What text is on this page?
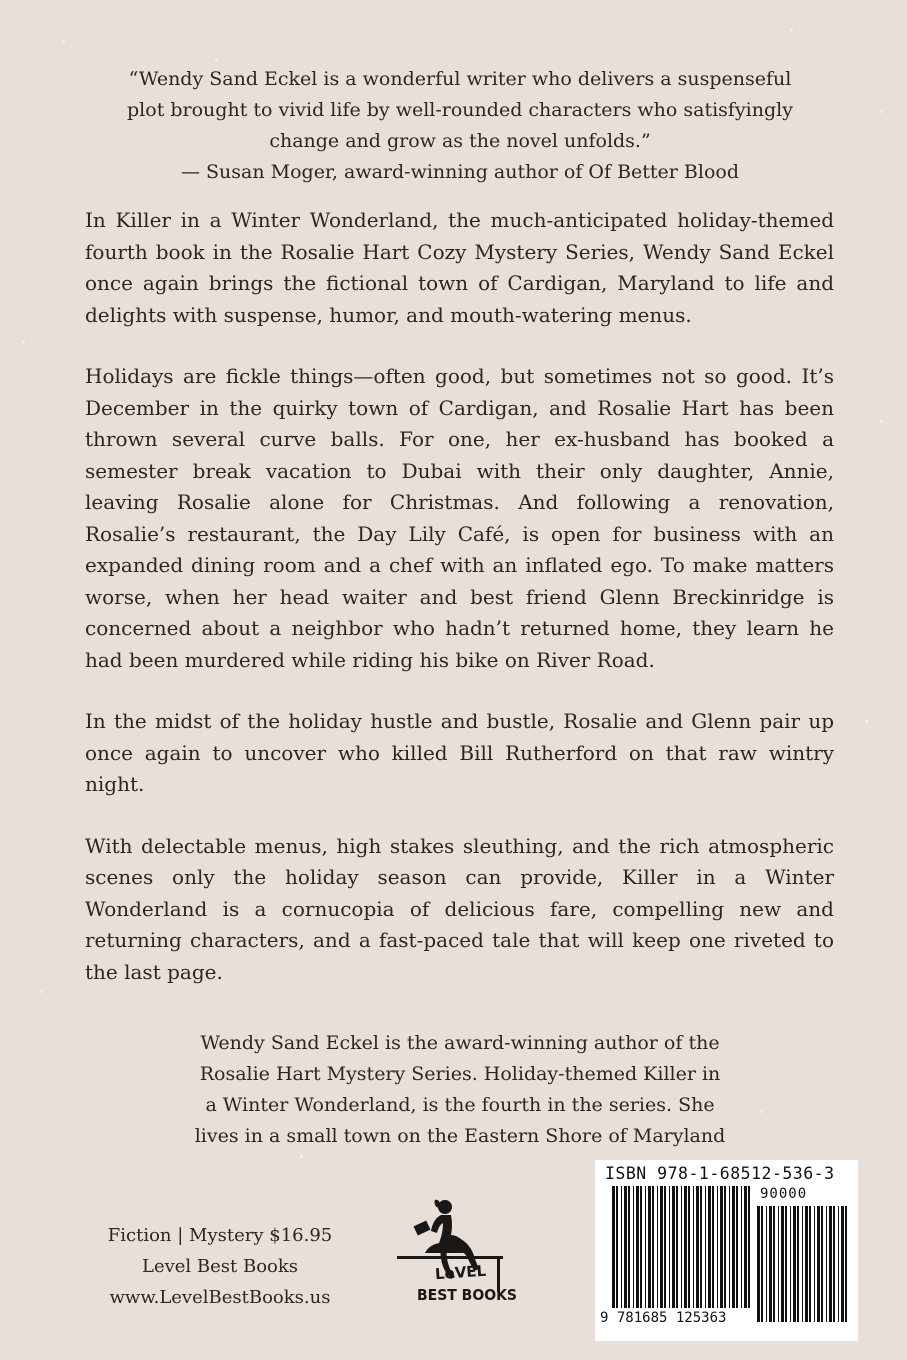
“Wendy Sand Eckel is a wonderful writer who delivers a suspenseful
plot brought to vivid life by well-rounded characters who satisfyingly
change and grow as the novel unfolds.”
— Susan Moger, award-winning author of Of Better Blood

In Killer in a Winter Wonderland, the much-anticipated holiday-themed fourth book in the Rosalie Hart Cozy Mystery Series, Wendy Sand Eckel once again brings the fictional town of Cardigan, Maryland to life and delights with suspense, humor, and mouth-watering menus.

Holidays are fickle things—often good, but sometimes not so good. It’s December in the quirky town of Cardigan, and Rosalie Hart has been thrown several curve balls. For one, her ex-husband has booked a semester break vacation to Dubai with their only daughter, Annie, leaving Rosalie alone for Christmas. And following a renovation, Rosalie’s restaurant, the Day Lily Café, is open for business with an expanded dining room and a chef with an inflated ego. To make matters worse, when her head waiter and best friend Glenn Breckinridge is concerned about a neighbor who hadn’t returned home, they learn he had been murdered while riding his bike on River Road.

In the midst of the holiday hustle and bustle, Rosalie and Glenn pair up once again to uncover who killed Bill Rutherford on that raw wintry night.

With delectable menus, high stakes sleuthing, and the rich atmospheric scenes only the holiday season can provide, Killer in a Winter Wonderland is a cornucopia of delicious fare, compelling new and returning characters, and a fast-paced tale that will keep one riveted to the last page.

Wendy Sand Eckel is the award-winning author of the
Rosalie Hart Mystery Series. Holiday-themed Killer in
a Winter Wonderland, is the fourth in the series. She
lives in a small town on the Eastern Shore of Maryland
Fiction | Mystery $16.95
Level Best Books
www.LevelBestBooks.us
LeVEL
BEST BOOKS
ISBN 978-1-68512-536-3
90000
9 781685 125363
